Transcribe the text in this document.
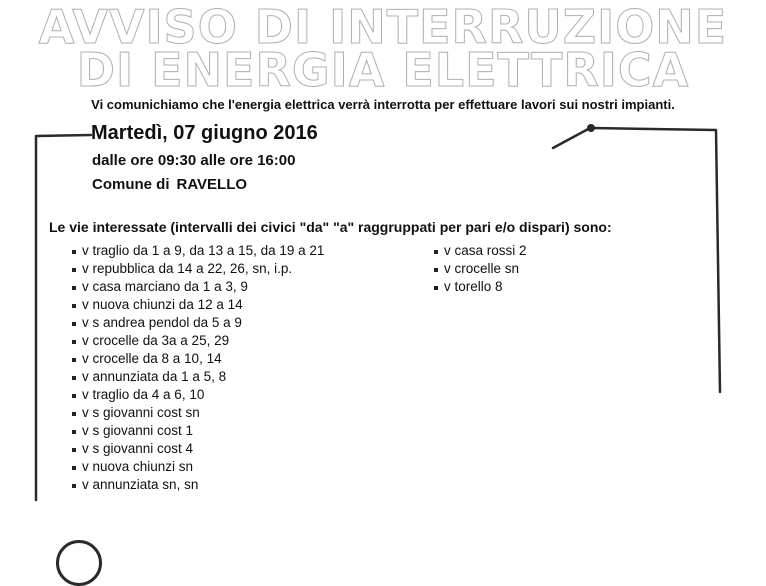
AVVISO DI INTERRUZIONE
DI ENERGIA ELETTRICA

Vi comunichiamo che l'energia elettrica verrà interrotta per effettuare lavori sui nostri impianti.

Martedì, 07 giugno 2016

dalle ore 09:30 alle ore 16:00

Comune di RAVELLO

Le vie interessate (intervalli dei civici "da" "a" raggruppati per pari e/o dispari) sono:

v traglio da 1 a 9, da 13 a 15, da 19 a 21
v repubblica da 14 a 22, 26, sn, i.p.
v casa marciano da 1 a 3, 9
v nuova chiunzi da 12 a 14
v s andrea pendol da 5 a 9
v crocelle da 3a a 25, 29
v crocelle da 8 a 10, 14
v annunziata da 1 a 5, 8
v traglio da 4 a 6, 10
v s giovanni cost sn
v s giovanni cost 1
v s giovanni cost 4
v nuova chiunzi sn
v annunziata sn, sn
v casa rossi 2
v crocelle sn
v torello 8
